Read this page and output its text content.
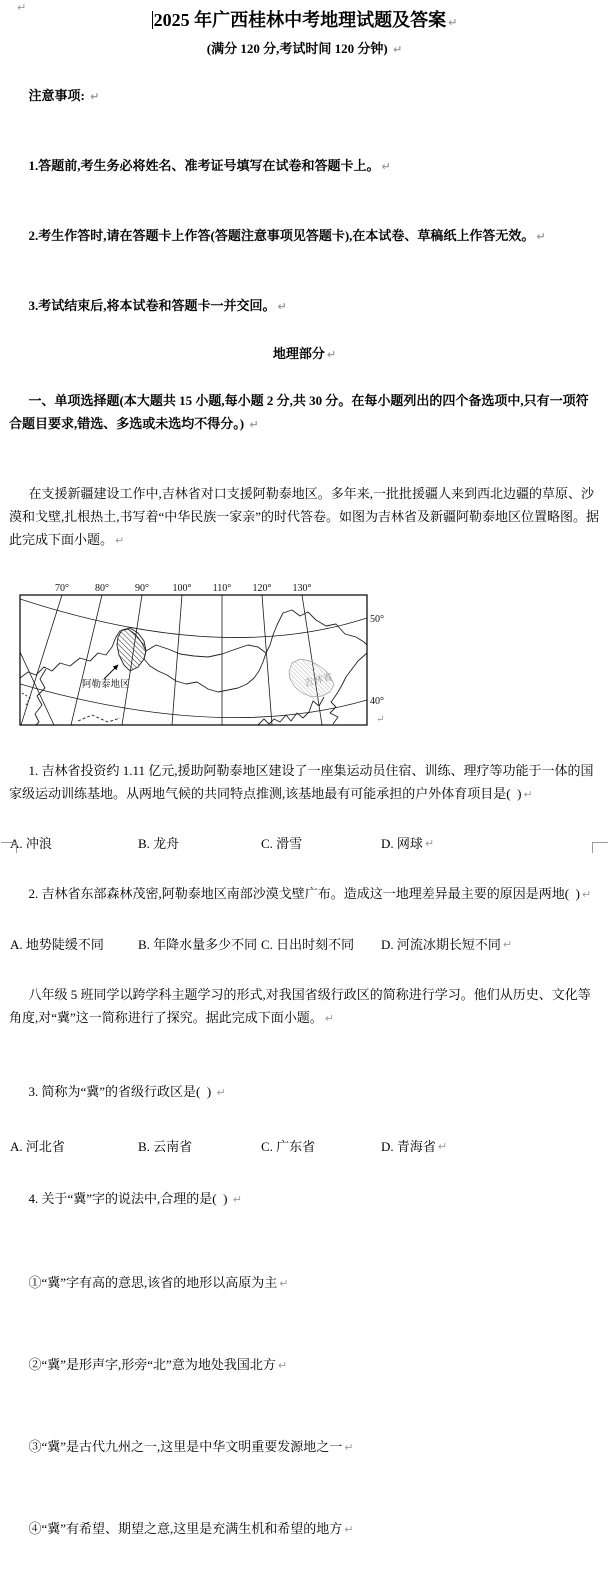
↵
2025 年广西桂林中考地理试题及答案 ↵
(满分 120 分,考试时间 120 分钟) ↵

注意事项: ↵

1.答题前,考生务必将姓名、准考证号填写在试卷和答题卡上。 ↵

2.考生作答时,请在答题卡上作答(答题注意事项见答题卡),在本试卷、草稿纸上作答无效。 ↵

3.考试结束后,将本试卷和答题卡一并交回。 ↵

地理部分 ↵

一、单项选择题(本大题共 15 小题,每小题 2 分,共 30 分。在每小题列出的四个备选项中,只有一项符合题目要求,错选、多选或未选均不得分。) ↵

在支援新疆建设工作中,吉林省对口支援阿勒泰地区。多年来,一批批援疆人来到西北边疆的草原、沙漠和戈壁,扎根热土,书写着“中华民族一家亲”的时代答卷。如图为吉林省及新疆阿勒泰地区位置略图。据此完成下面小题。 ↵

阿勒泰地区	吉林省
70°	80°	90° 100° 110° 120° 130°
50°
40°
↵

1. 吉林省投资约 1.11 亿元,援助阿勒泰地区建设了一座集运动员住宿、训练、理疗等功能于一体的国家级运动训练基地。从两地气候的共同特点推测,该基地最有可能承担的户外体育项目是(  ) ↵

A. 冲浪	B. 龙舟	C. 滑雪	D. 网球 ↵

2. 吉林省东部森林茂密,阿勒泰地区南部沙漠戈壁广布。造成这一地理差异最主要的原因是两地(  ) ↵

A. 地势陡缓不同	B. 年降水量多少不同 C. 日出时刻不同	D. 河流冰期长短不同 ↵

八年级 5 班同学以跨学科主题学习的形式,对我国省级行政区的简称进行学习。他们从历史、文化等角度,对“冀”这一简称进行了探究。据此完成下面小题。 ↵

3. 简称为“冀”的省级行政区是(  ) ↵

A. 河北省	B. 云南省	C. 广东省	D. 青海省 ↵

4. 关于“冀”字的说法中,合理的是(  ) ↵

①“冀”字有高的意思,该省的地形以高原为主 ↵

②“冀”是形声字,形旁“北”意为地处我国北方 ↵

③“冀”是古代九州之一,这里是中华文明重要发源地之一 ↵

④“冀”有希望、期望之意,这里是充满生机和希望的地方 ↵
